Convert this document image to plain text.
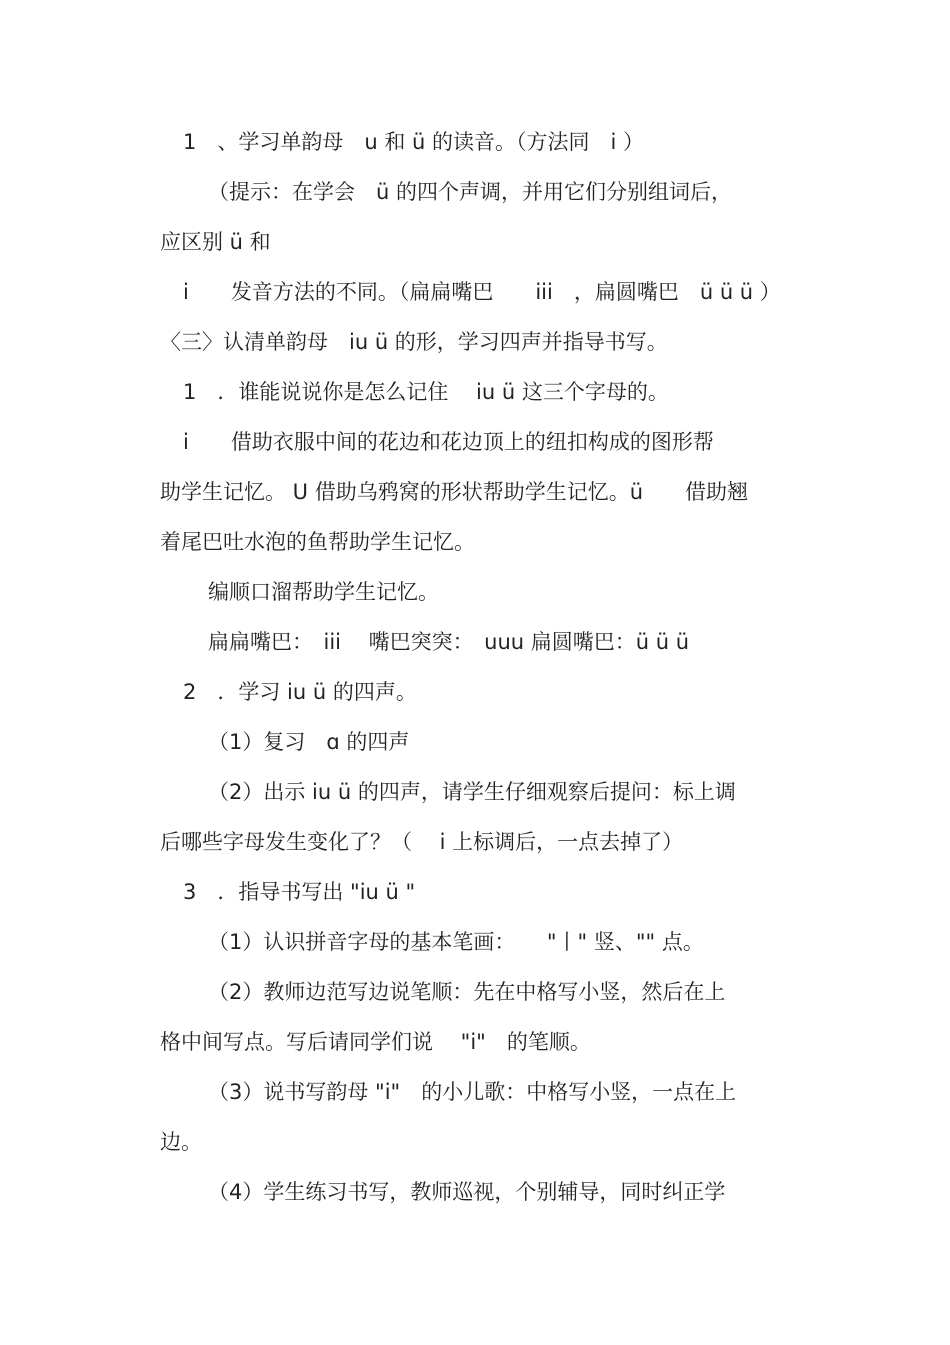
1　、学习单韵母　u 和 ü 的读音。（方法同　i ）
（提示：在学会　ü 的四个声调，并用它们分别组词后，
应区别 ü 和
i　　发音方法的不同。（扁扁嘴巴　　iii　，扁圆嘴巴　ü ü ü ）
〈三〉认清单韵母　iu ü 的形，学习四声并指导书写。
1　．谁能说说你是怎么记住　 iu ü 这三个字母的。
i　　借助衣服中间的花边和花边顶上的纽扣构成的图形帮
助学生记忆。 U 借助乌鸦窝的形状帮助学生记忆。ü　　借助翘
着尾巴吐水泡的鱼帮助学生记忆。
编顺口溜帮助学生记忆。
扁扁嘴巴：　iii　 嘴巴突突：　uuu 扁圆嘴巴：ü ü ü
2　．学习 iu ü 的四声。
（1）复习　ɑ 的四声
（2）出示 iu ü 的四声，请学生仔细观察后提问：标上调
后哪些字母发生变化了？（　 i 上标调后，一点去掉了）
3　．指导书写出 "iu ü "
（1）认识拼音字母的基本笔画：　　"丨" 竖、"" 点。
（2）教师边范写边说笔顺：先在中格写小竖，然后在上
格中间写点。写后请同学们说　 "i"　的笔顺。
（3）说书写韵母 "i"　的小儿歌：中格写小竖，一点在上
边。
（4）学生练习书写，教师巡视，个别辅导，同时纠正学
